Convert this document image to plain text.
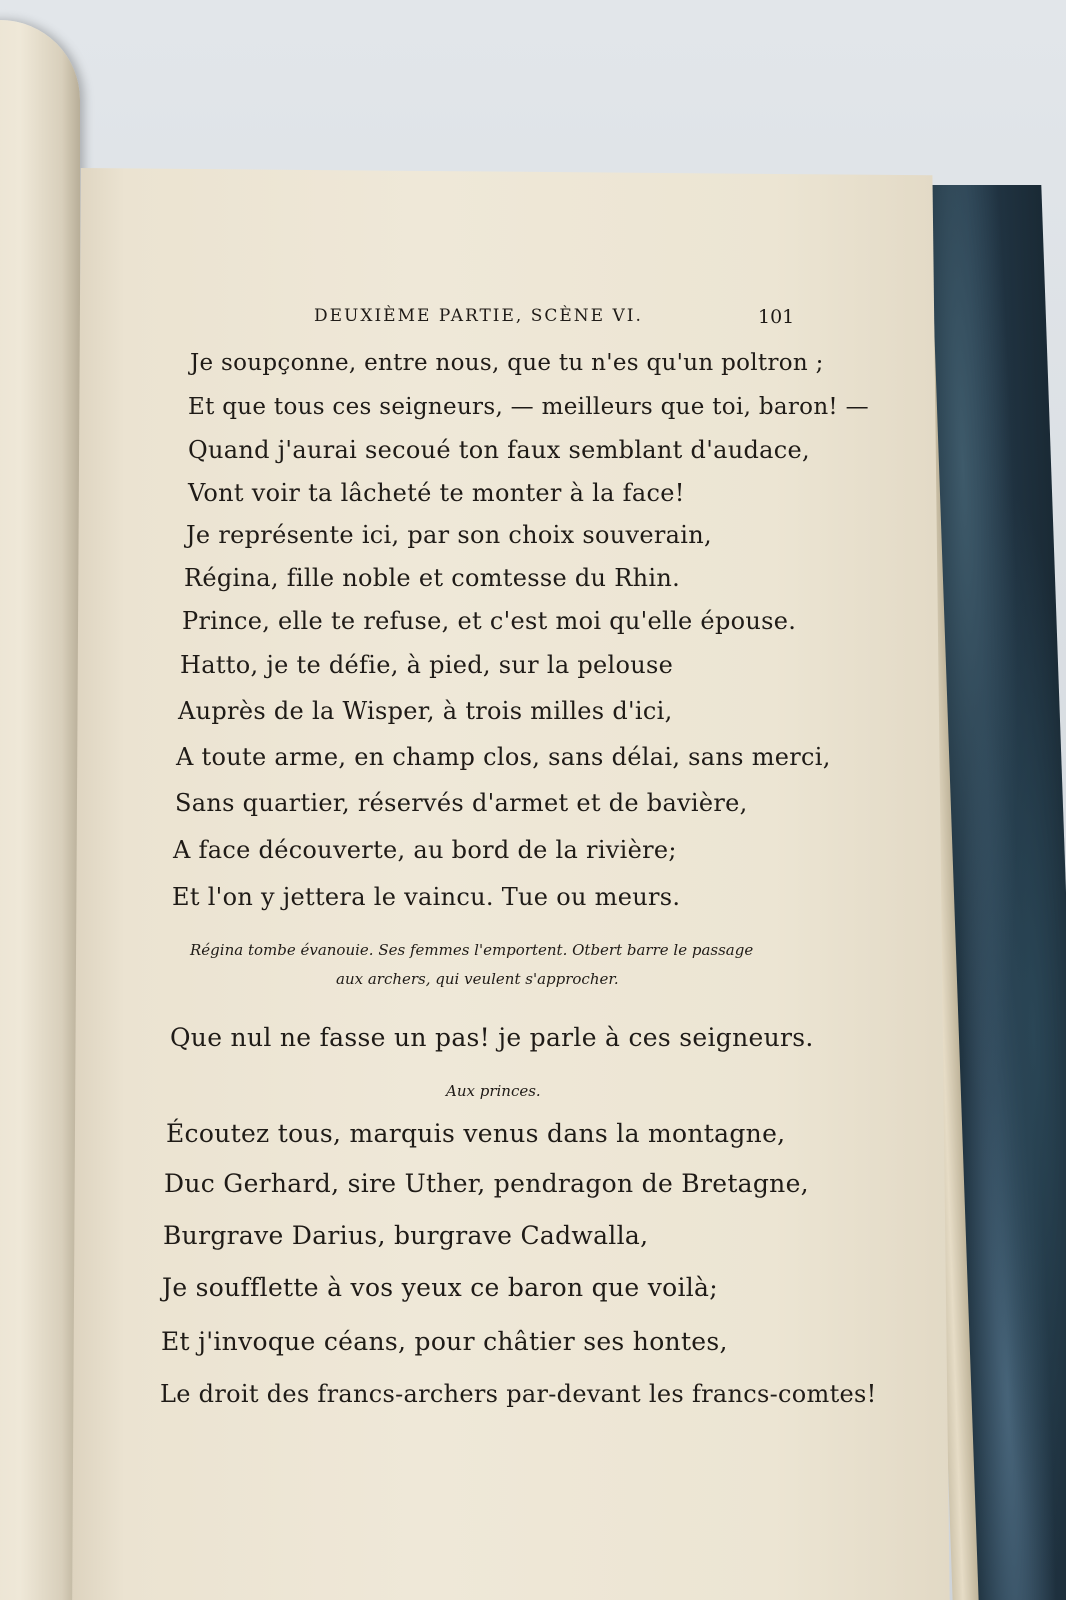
DEUXIÈME PARTIE, SCÈNE VI.	101
Je soupçonne, entre nous, que tu n'es qu'un poltron ;
Et que tous ces seigneurs, — meilleurs que toi, baron! —
Quand j'aurai secoué ton faux semblant d'audace,
Vont voir ta lâcheté te monter à la face!
Je représente ici, par son choix souverain,
Régina, fille noble et comtesse du Rhin.
Prince, elle te refuse, et c'est moi qu'elle épouse.
Hatto, je te défie, à pied, sur la pelouse
Auprès de la Wisper, à trois milles d'ici,
A toute arme, en champ clos, sans délai, sans merci,
Sans quartier, réservés d'armet et de bavière,
A face découverte, au bord de la rivière;
Et l'on y jettera le vaincu. Tue ou meurs.
Régina tombe évanouie. Ses femmes l'emportent. Otbert barre le passage
aux archers, qui veulent s'approcher.
Que nul ne fasse un pas! je parle à ces seigneurs.
Aux princes.
Écoutez tous, marquis venus dans la montagne,
Duc Gerhard, sire Uther, pendragon de Bretagne,
Burgrave Darius, burgrave Cadwalla,
Je soufflette à vos yeux ce baron que voilà;
Et j'invoque céans, pour châtier ses hontes,
Le droit des francs-archers par-devant les francs-comtes!
